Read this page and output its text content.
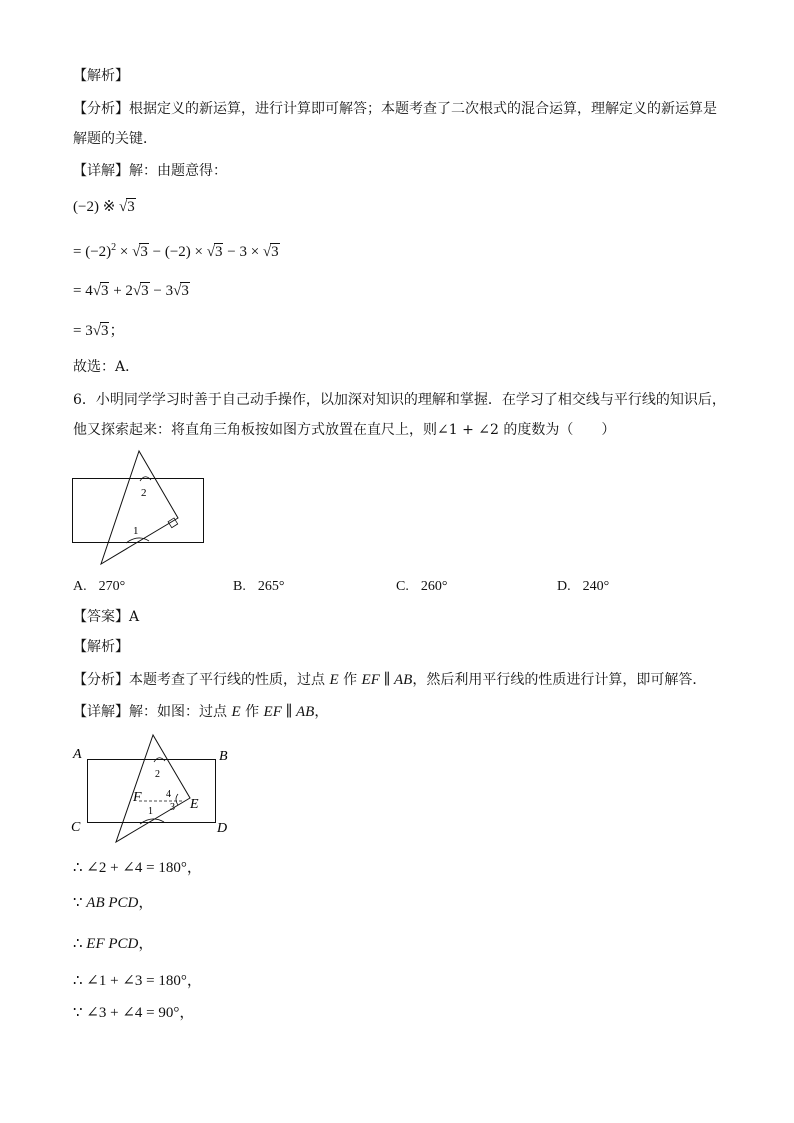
【解析】
【分析】根据定义的新运算，进行计算即可解答；本题考查了二次根式的混合运算，理解定义的新运算是
解题的关键．
【详解】解：由题意得：
(−2) ※ √3
= $(-2)^2 \times √3 - (-2) \times √3 - 3 \times √3$
= 4√3 + 2√3 − 3√3
= 3√3；
故选：A．
6．小明同学学习时善于自己动手操作，以加深对知识的理解和掌握．在学习了相交线与平行线的知识后，
他又探索起来：将直角三角板按如图方式放置在直尺上，则∠1 + ∠2 的度数为（　　）
2
1
A. 270°	B. 265°	C. 260°	D. 240°
【答案】A
【解析】
【分析】本题考查了平行线的性质，过点 E 作 EF ∥ AB，然后利用平行线的性质进行计算，即可解答．
【详解】解：如图：过点 E 作 EF ∥ AB，
A	B
C	D
E
F
2
1
4
3
∴ ∠2 + ∠4 = 180°，
∵ AB PCD，
∴ EF PCD，
∴ ∠1 + ∠3 = 180°，
∵ ∠3 + ∠4 = 90°，
